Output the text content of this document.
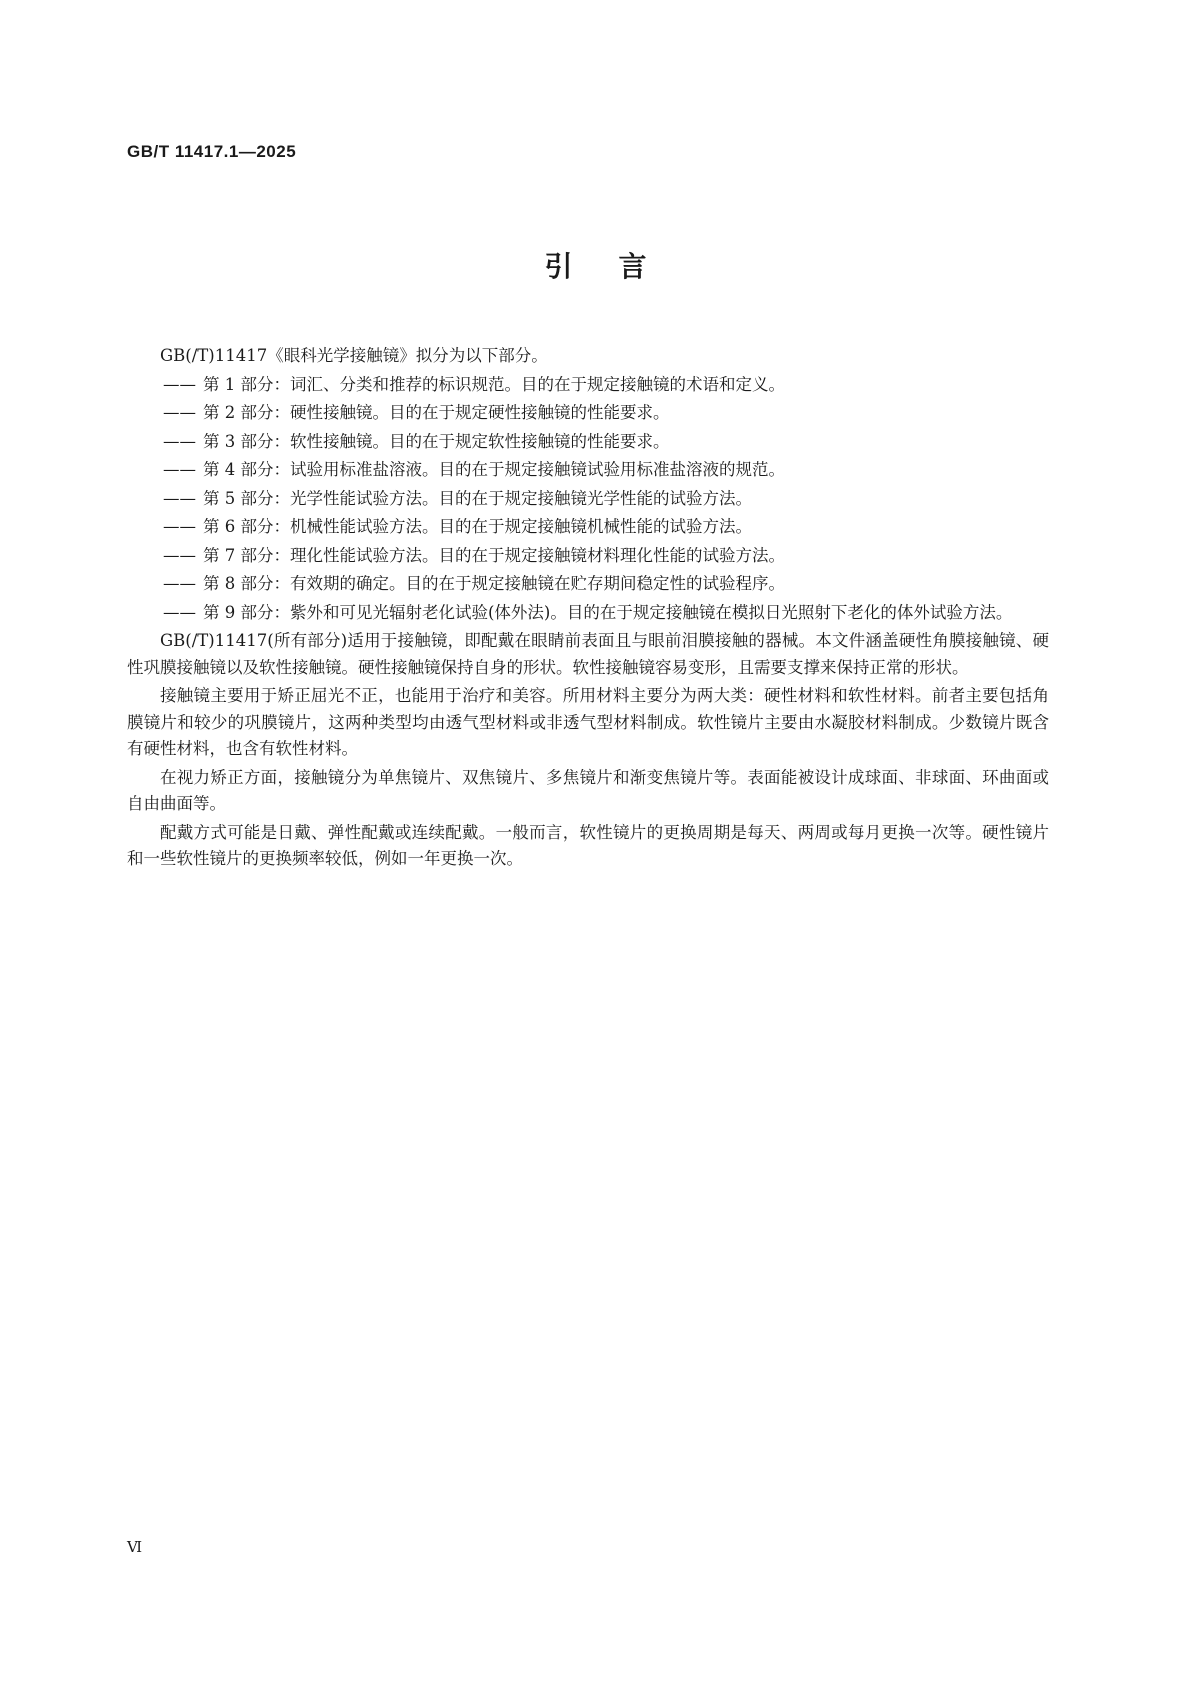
GB/T 11417.1—2025
引言

GB(/T)11417《眼科光学接触镜》拟分为以下部分。

—— 第 1 部分：词汇、分类和推荐的标识规范。目的在于规定接触镜的术语和定义。
—— 第 2 部分：硬性接触镜。目的在于规定硬性接触镜的性能要求。
—— 第 3 部分：软性接触镜。目的在于规定软性接触镜的性能要求。
—— 第 4 部分：试验用标准盐溶液。目的在于规定接触镜试验用标准盐溶液的规范。
—— 第 5 部分：光学性能试验方法。目的在于规定接触镜光学性能的试验方法。
—— 第 6 部分：机械性能试验方法。目的在于规定接触镜机械性能的试验方法。
—— 第 7 部分：理化性能试验方法。目的在于规定接触镜材料理化性能的试验方法。
—— 第 8 部分：有效期的确定。目的在于规定接触镜在贮存期间稳定性的试验程序。
—— 第 9 部分：紫外和可见光辐射老化试验(体外法)。目的在于规定接触镜在模拟日光照射下老化的体外试验方法。

GB(/T)11417(所有部分)适用于接触镜，即配戴在眼睛前表面且与眼前泪膜接触的器械。本文件涵盖硬性角膜接触镜、硬性巩膜接触镜以及软性接触镜。硬性接触镜保持自身的形状。软性接触镜容易变形，且需要支撑来保持正常的形状。

接触镜主要用于矫正屈光不正，也能用于治疗和美容。所用材料主要分为两大类：硬性材料和软性材料。前者主要包括角膜镜片和较少的巩膜镜片，这两种类型均由透气型材料或非透气型材料制成。软性镜片主要由水凝胶材料制成。少数镜片既含有硬性材料，也含有软性材料。

在视力矫正方面，接触镜分为单焦镜片、双焦镜片、多焦镜片和渐变焦镜片等。表面能被设计成球面、非球面、环曲面或自由曲面等。

配戴方式可能是日戴、弹性配戴或连续配戴。一般而言，软性镜片的更换周期是每天、两周或每月更换一次等。硬性镜片和一些软性镜片的更换频率较低，例如一年更换一次。

Ⅵ
